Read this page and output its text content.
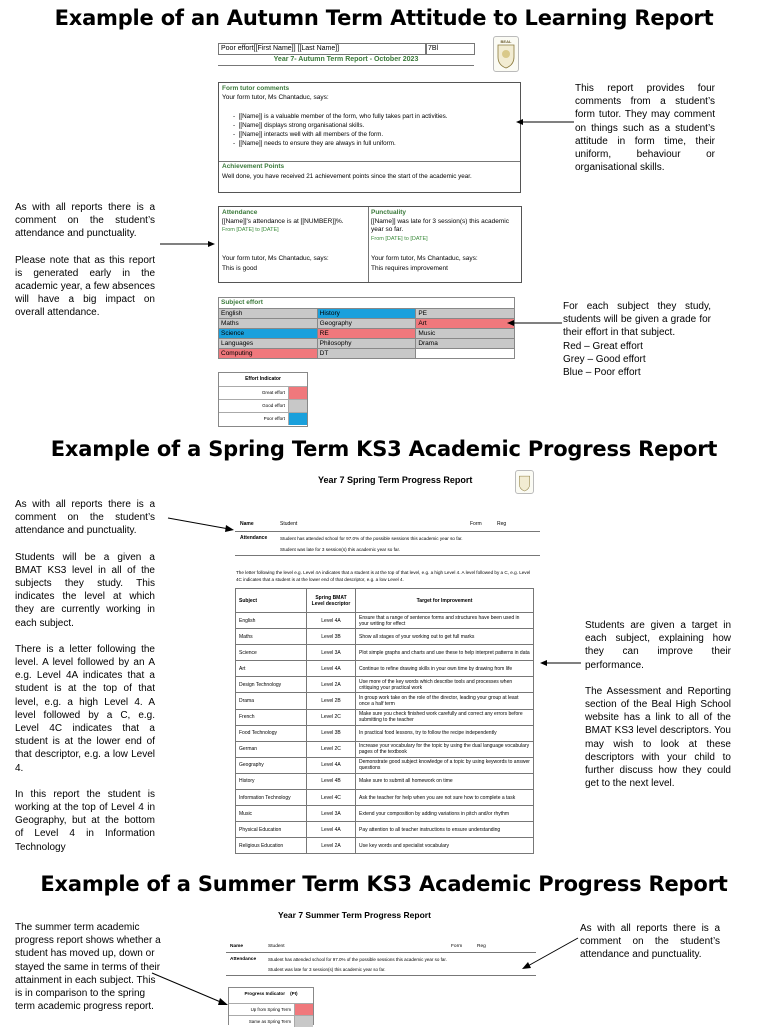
Example of an Autumn Term Attitude to Learning Report
Example of a Spring Term KS3 Academic Progress Report
Example of a Summer Term KS3 Academic Progress Report
Poor effort[[First Name]] [[Last Name]]	7Bl
Year 7- Autumn Term Report - October 2023
BEAL
Form tutor comments
Your form tutor, Ms Chantaduc, says:
-  [[Name]] is a valuable member of the form, who fully takes part in activities.
-  [[Name]] displays strong organisational skills.
-  [[Name]] interacts well with all members of the form.
-  [[Name]] needs to ensure they are always in full uniform.
Achievement Points
Well done, you have received 21 achievement points since the start of the academic year.
Attendance
[[Name]]'s attendance is at [[NUMBER]]%.
From [DATE] to [DATE]
Your form tutor, Ms Chantaduc, says:
This is good
Punctuality
[[Name]] was late for 3 session(s) this academic year so far.
From [DATE] to [DATE]
Your form tutor, Ms Chantaduc, says:
This requires improvement
Subject effort
English	History	PE
Maths	Geography	Art
Science	RE	Music
Languages	Philosophy	Drama
Computing	DT	
Effort Indicator
Great effort
Good effort
Poor effort
This report provides four comments from a student’s form tutor. They may comment on things such as a student’s attitude in form time, their uniform, behaviour or organisational skills.

As with all reports there is a comment on the student’s attendance and punctuality.

Please note that as this report is generated early in the academic year, a few absences will have a big impact on overall attendance.

For each subject they study, students will be given a grade for their effort in that subject.
Red – Great effort
Grey – Good effort
Blue – Poor effort
Year 7 Spring Term Progress Report
Name	Student	Form	Reg
Attendance	Student has attended school for 97.0% of the possible sessions this academic year so far.
Student was late for 3 session(s) this academic year so far.
The letter following the level e.g. Level 4A indicates that a student is at the top of that level, e.g. a high Level 4. A level followed by a C, e.g. Level 4C indicates that a student is at the lower end of that descriptor, e.g. a low Level 4.
Subject	Spring BMAT Level descriptor	Target for Improvement
English	Level 4A	Ensure that a range of sentence forms and structures have been used in your writing for effect
Maths	Level 3B	Show all stages of your working out to get full marks
Science	Level 3A	Plot simple graphs and charts and use these to help interpret patterns in data
Art	Level 4A	Continue to refine drawing skills in your own time by drawing from life
Design Technology	Level 2A	Use more of the key words which describe tools and processes when critiquing your practical work
Drama	Level 2B	In group work take on the role of the director, leading your group at least once a half term
French	Level 2C	Make sure you check finished work carefully and correct any errors before submitting to the teacher
Food Technology	Level 3B	In practical food lessons, try to follow the recipe independently
German	Level 2C	Increase your vocabulary for the topic by using the dual language vocabulary pages of the textbook
Geography	Level 4A	Demonstrate good subject knowledge of a topic by using keywords to answer questions
History	Level 4B	Make sure to submit all homework on time
Information Technology	Level 4C	Ask the teacher for help when you are not sure how to complete a task
Music	Level 3A	Extend your composition by adding variations in pitch and/or rhythm
Physical Education	Level 4A	Pay attention to all teacher instructions to ensure understanding
Religious Education	Level 2A	Use key words and specialist vocabulary

As with all reports there is a comment on the student’s attendance and punctuality.

Students will be a given a BMAT KS3 level in all of the subjects they study. This indicates the level at which they are currently working in each subject.

There is a letter following the level. A level followed by an A e.g. Level 4A indicates that a student is at the top of that level, e.g. a high Level 4. A level followed by a C, e.g. Level 4C indicates that a student is at the lower end of that descriptor, e.g. a low Level 4.

In this report the student is working at the top of Level 4 in Geography, but at the bottom of Level 4 in Information Technology

Students are given a target in each subject, explaining how they can improve their performance.

The Assessment and Reporting section of the Beal High School website has a link to all of the BMAT KS3 level descriptors. You may wish to look at these descriptors with your child to further discuss how they could get to the next level.

Year 7 Summer Term Progress Report
Name	Student	Form	Reg
Attendance	Student has attended school for 97.0% of the possible sessions this academic year so far.
Student was late for 3 session(s) this academic year so far.
Progress Indicator    (PI)
Up from Spring Term
Same as Spring Term
The summer term academic progress report shows whether a student has moved up, down or stayed the same in terms of their attainment in each subject. This is in comparison to the spring term academic progress report.
As with all reports there is a comment on the student’s attendance and punctuality.
